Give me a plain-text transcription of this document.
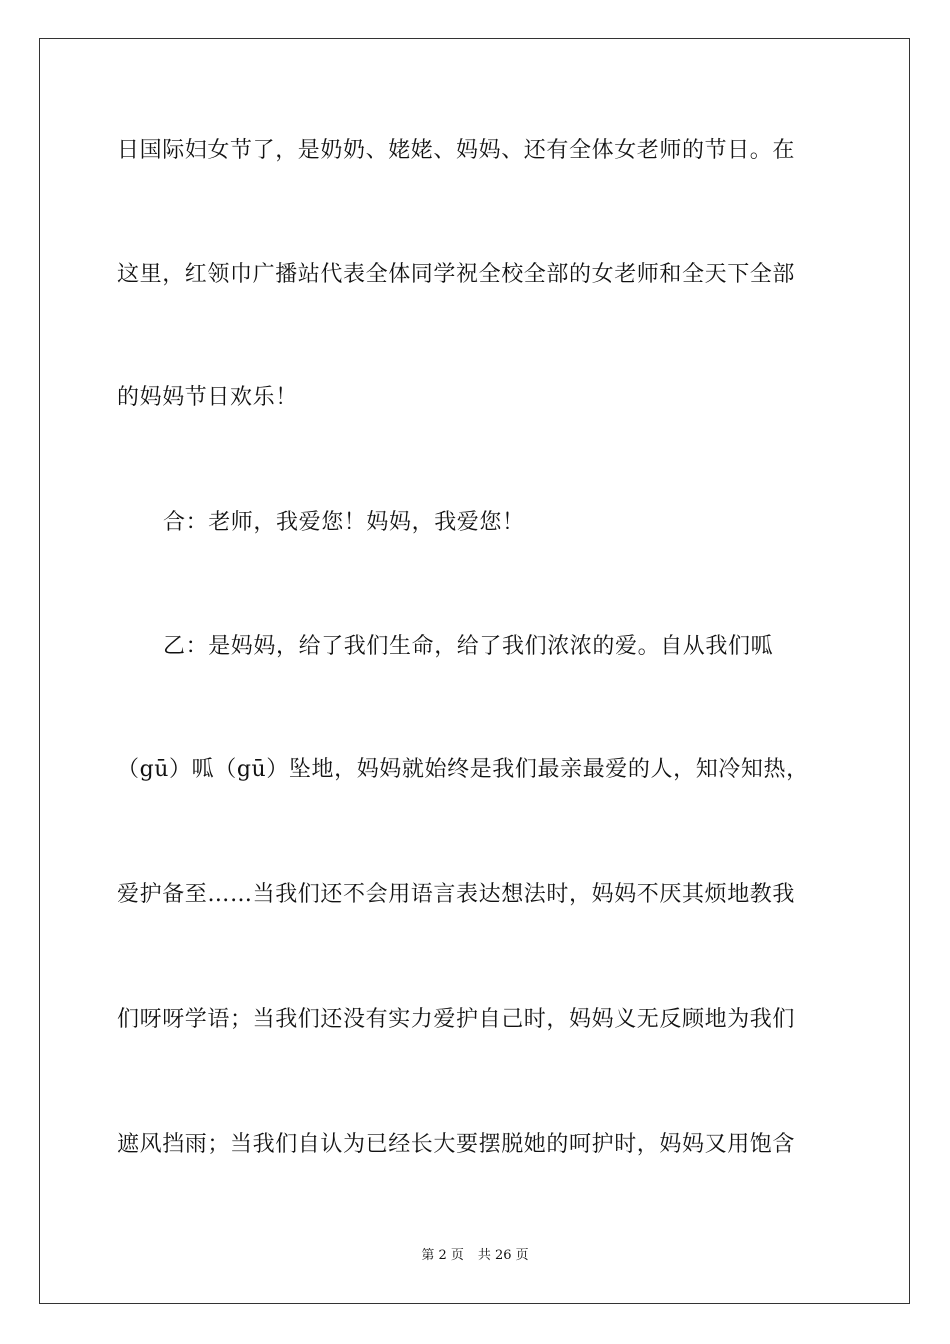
日国际妇女节了，是奶奶、姥姥、妈妈、还有全体女老师的节日。在
这里，红领巾广播站代表全体同学祝全校全部的女老师和全天下全部
的妈妈节日欢乐！
合：老师，我爱您！妈妈，我爱您！
乙：是妈妈，给了我们生命，给了我们浓浓的爱。自从我们呱
（gū）呱（gū）坠地，妈妈就始终是我们最亲最爱的人，知冷知热，
爱护备至……当我们还不会用语言表达想法时，妈妈不厌其烦地教我
们呀呀学语；当我们还没有实力爱护自己时，妈妈义无反顾地为我们
遮风挡雨；当我们自认为已经长大要摆脱她的呵护时，妈妈又用饱含
第 2 页 共 26 页
